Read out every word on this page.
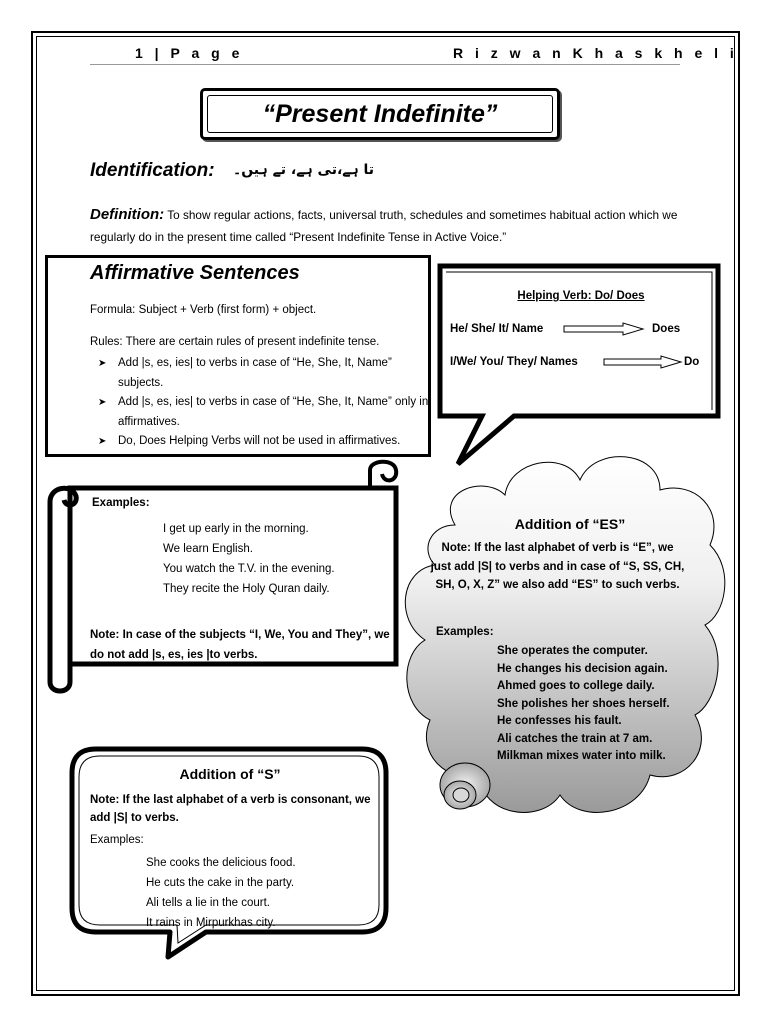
1 | P a g e	R i z w a n K h a s k h e l i
“Present Indefinite”
Identification: تا ہے،تی ہے، تے ہیں۔
Definition: To show regular actions, facts, universal truth, schedules and sometimes habitual action which we regularly do in the present time called “Present Indefinite Tense in Active Voice.”
Affirmative Sentences
Formula: Subject + Verb (first form) + object.
Rules: There are certain rules of present indefinite tense.
➤ Add |s, es, ies| to verbs in case of “He, She, It, Name” subjects.
➤ Add |s, es, ies| to verbs in case of “He, She, It, Name” only in affirmatives.
➤ Do, Does Helping Verbs will not be used in affirmatives.
Helping Verb: Do/ Does
He/ She/ It/ Name	Does
I/We/ You/ They/ Names	Do
Examples:
I get up early in the morning.
We learn English.
You watch the T.V. in the evening.
They recite the Holy Quran daily.
Note: In case of the subjects “I, We, You and They”, we do not add |s, es, ies |to verbs.
Addition of “ES”
Note: If the last alphabet of verb is “E”, we just add |S| to verbs and in case of “S, SS, CH, SH, O, X, Z” we also add “ES” to such verbs.
Examples:
She operates the computer.
He changes his decision again.
Ahmed goes to college daily.
She polishes her shoes herself.
He confesses his fault.
Ali catches the train at 7 am.
Milkman mixes water into milk.
Addition of “S”
Note: If the last alphabet of a verb is consonant, we add |S| to verbs.
Examples:
She cooks the delicious food.
He cuts the cake in the party.
Ali tells a lie in the court.
It rains in Mirpurkhas city.
